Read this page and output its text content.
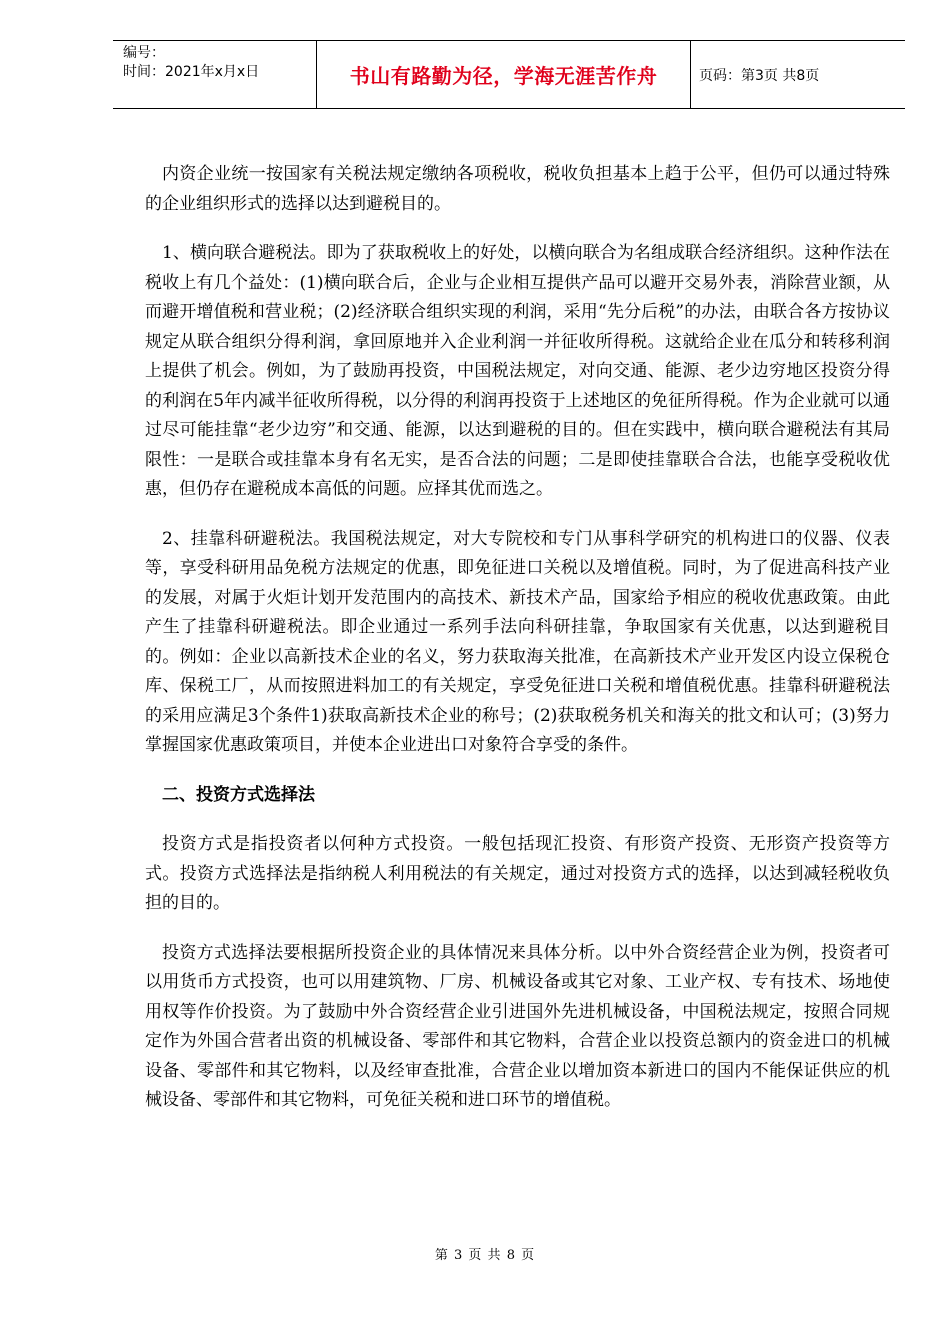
编号：
时间：2021年x月x日	书山有路勤为径，学海无涯苦作舟	页码：第3页 共8页

内资企业统一按国家有关税法规定缴纳各项税收，税收负担基本上趋于公平，但仍可以通过特殊的企业组织形式的选择以达到避税目的。

1、横向联合避税法。即为了获取税收上的好处，以横向联合为名组成联合经济组织。这种作法在税收上有几个益处：(1)横向联合后，企业与企业相互提供产品可以避开交易外表，消除营业额，从而避开增值税和营业税；(2)经济联合组织实现的利润，采用“先分后税”的办法，由联合各方按协议规定从联合组织分得利润，拿回原地并入企业利润一并征收所得税。这就给企业在瓜分和转移利润上提供了机会。例如，为了鼓励再投资，中国税法规定，对向交通、能源、老少边穷地区投资分得的利润在5年内减半征收所得税，以分得的利润再投资于上述地区的免征所得税。作为企业就可以通过尽可能挂靠“老少边穷”和交通、能源，以达到避税的目的。但在实践中，横向联合避税法有其局限性：一是联合或挂靠本身有名无实，是否合法的问题；二是即使挂靠联合合法，也能享受税收优惠，但仍存在避税成本高低的问题。应择其优而选之。

2、挂靠科研避税法。我国税法规定，对大专院校和专门从事科学研究的机构进口的仪器、仪表等，享受科研用品免税方法规定的优惠，即免征进口关税以及增值税。同时，为了促进高科技产业的发展，对属于火炬计划开发范围内的高技术、新技术产品，国家给予相应的税收优惠政策。由此产生了挂靠科研避税法。即企业通过一系列手法向科研挂靠，争取国家有关优惠，以达到避税目的。例如：企业以高新技术企业的名义，努力获取海关批准，在高新技术产业开发区内设立保税仓库、保税工厂，从而按照进料加工的有关规定，享受免征进口关税和增值税优惠。挂靠科研避税法的采用应满足3个条件1)获取高新技术企业的称号；(2)获取税务机关和海关的批文和认可；(3)努力掌握国家优惠政策项目，并使本企业进出口对象符合享受的条件。

二、投资方式选择法

投资方式是指投资者以何种方式投资。一般包括现汇投资、有形资产投资、无形资产投资等方式。投资方式选择法是指纳税人利用税法的有关规定，通过对投资方式的选择，以达到减轻税收负担的目的。

投资方式选择法要根据所投资企业的具体情况来具体分析。以中外合资经营企业为例，投资者可以用货币方式投资，也可以用建筑物、厂房、机械设备或其它对象、工业产权、专有技术、场地使用权等作价投资。为了鼓励中外合资经营企业引进国外先进机械设备，中国税法规定，按照合同规定作为外国合营者出资的机械设备、零部件和其它物料，合营企业以投资总额内的资金进口的机械设备、零部件和其它物料，以及经审查批准，合营企业以增加资本新进口的国内不能保证供应的机械设备、零部件和其它物料，可免征关税和进口环节的增值税。

第 3 页 共 8 页
